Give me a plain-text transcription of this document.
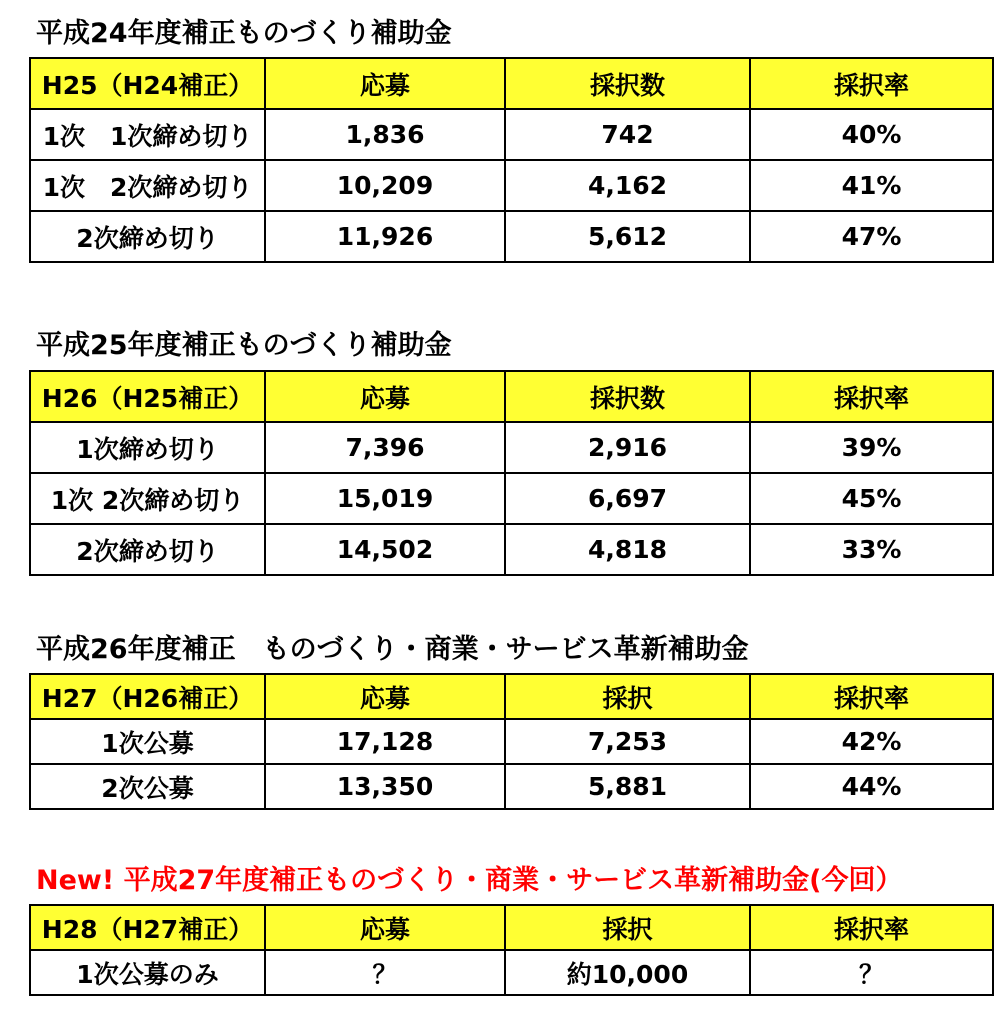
平成24年度補正ものづくり補助金
H25（H24補正）	応募	採択数	採択率
1次　1次締め切り	1,836	742	40%
1次　2次締め切り	10,209	4,162	41%
2次締め切り	11,926	5,612	47%
平成25年度補正ものづくり補助金
H26（H25補正）	応募	採択数	採択率
1次締め切り	7,396	2,916	39%
1次 2次締め切り	15,019	6,697	45%
2次締め切り	14,502	4,818	33%
平成26年度補正　ものづくり・商業・サービス革新補助金
H27（H26補正）	応募	採択	採択率
1次公募	17,128	7,253	42%
2次公募	13,350	5,881	44%
New! 平成27年度補正ものづくり・商業・サービス革新補助金(今回）
H28（H27補正）	応募	採択	採択率
1次公募のみ	？	約10,000	？
